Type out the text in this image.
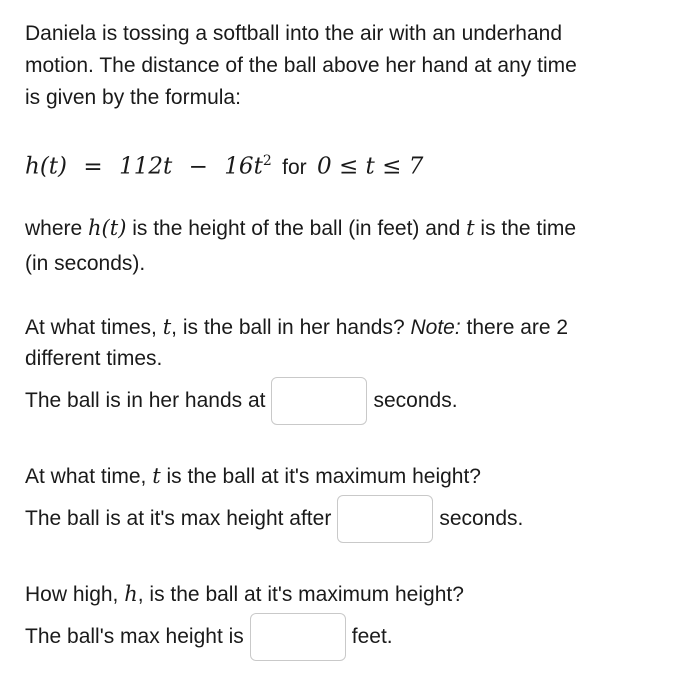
Daniela is tossing a softball into the air with an underhand
motion. The distance of the ball above her hand at any time
is given by the formula:
$h(t) = 112t - 16t^2$ for 0 ≤ t ≤ 7
where h(t) is the height of the ball (in feet) and t is the time
(in seconds).
At what times, t, is the ball in her hands? Note: there are 2
different times.
The ball is in her hands at	seconds.
At what time, t is the ball at it's maximum height?
The ball is at it's max height after	seconds.
How high, h, is the ball at it's maximum height?
The ball's max height is	feet.
